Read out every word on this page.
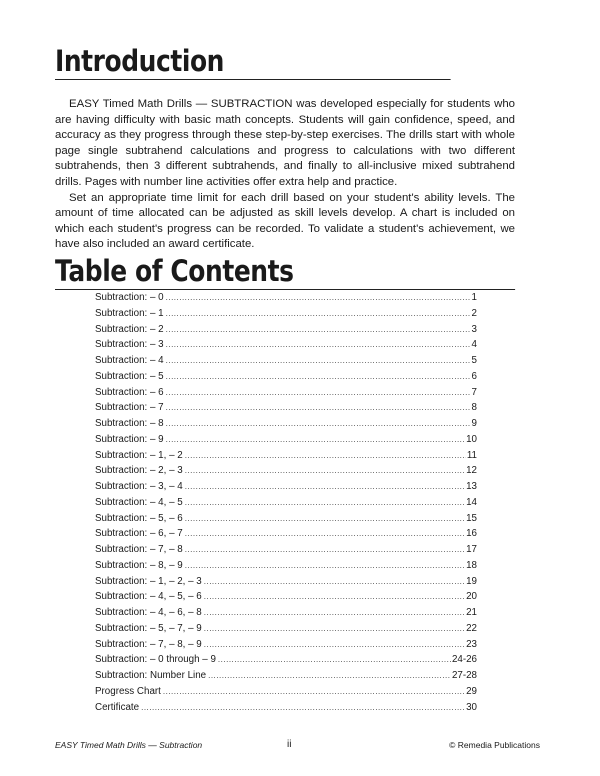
Introduction

EASY Timed Math Drills — SUBTRACTION was developed especially for students who are having difficulty with basic math concepts. Students will gain confidence, speed, and accuracy as they progress through these step-by-step exercises. The drills start with whole page single subtrahend calculations and progress to calculations with two different subtrahends, then 3 different subtrahends, and finally to all-inclusive mixed subtrahend drills. Pages with number line activities offer extra help and practice.

Set an appropriate time limit for each drill based on your student's ability levels. The amount of time allocated can be adjusted as skill levels develop. A chart is included on which each student's progress can be recorded. To validate a student's achievement, we have also included an award certificate.

Table of Contents
Subtraction: – 0 .....	1
Subtraction: – 1 .....	2
Subtraction: – 2 .....	3
Subtraction: – 3 .....	4
Subtraction: – 4 .....	5
Subtraction: – 5 .....	6
Subtraction: – 6 .....	7
Subtraction: – 7 .....	8
Subtraction: – 8 .....	9
Subtraction: – 9 .....	10
Subtraction: – 1, – 2 .....	11
Subtraction: – 2, – 3 .....	12
Subtraction: – 3, – 4 .....	13
Subtraction: – 4, – 5 .....	14
Subtraction: – 5, – 6 .....	15
Subtraction: – 6, – 7 .....	16
Subtraction: – 7, – 8 .....	17
Subtraction: – 8, – 9 .....	18
Subtraction: – 1, – 2, – 3 .....	19
Subtraction: – 4, – 5, – 6 .....	20
Subtraction: – 4, – 6, – 8 .....	21
Subtraction: – 5, – 7, – 9 .....	22
Subtraction: – 7, – 8, – 9 .....	23
Subtraction: – 0 through – 9 .....	24-26
Subtraction: Number Line .....	27-28
Progress Chart .....	29
Certificate .....	30
EASY Timed Math Drills — Subtraction	ii	© Remedia Publications
